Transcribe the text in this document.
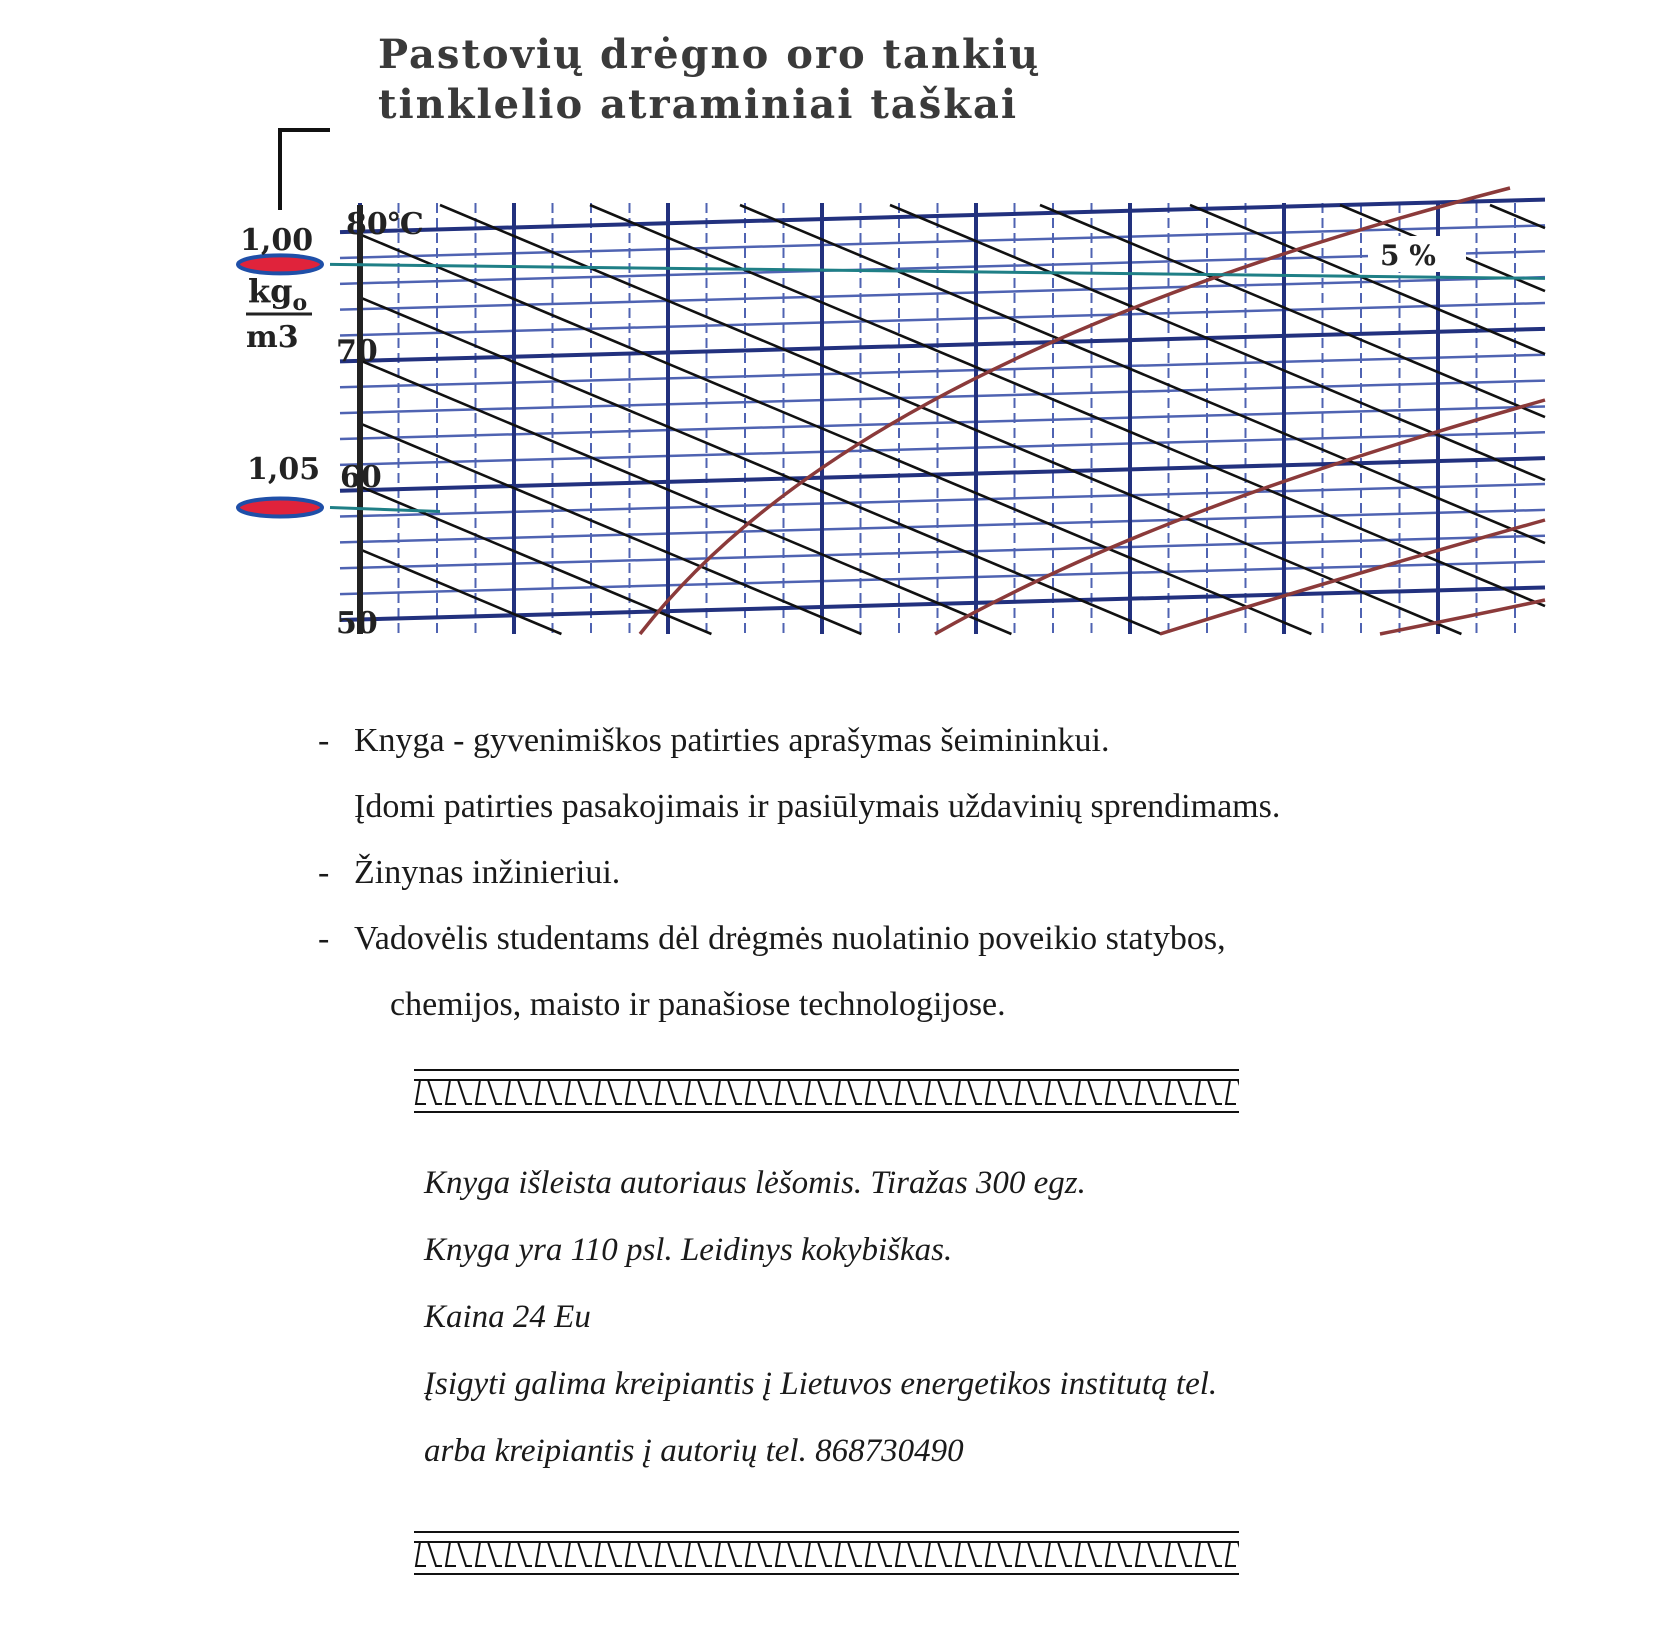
Pastovių drėgno oro tankių
tinklelio atraminiai taškai
1,00
1,05
$kg_o$
m3
80℃
70
60
50
5 %
- Knyga - gyvenimiškos patirties aprašymas šeimininkui.
Įdomi patirties pasakojimais ir pasiūlymais uždavinių sprendimams.
- Žinynas inžinieriui.
- Vadovėlis studentams dėl drėgmės nuolatinio poveikio statybos,
chemijos, maisto ir panašiose technologijose.
Knyga išleista autoriaus lėšomis. Tiražas 300 egz.
Knyga yra 110 psl. Leidinys kokybiškas.
Kaina 24 Eu
Įsigyti galima kreipiantis į Lietuvos energetikos institutą tel.
arba kreipiantis į autorių tel. 868730490
